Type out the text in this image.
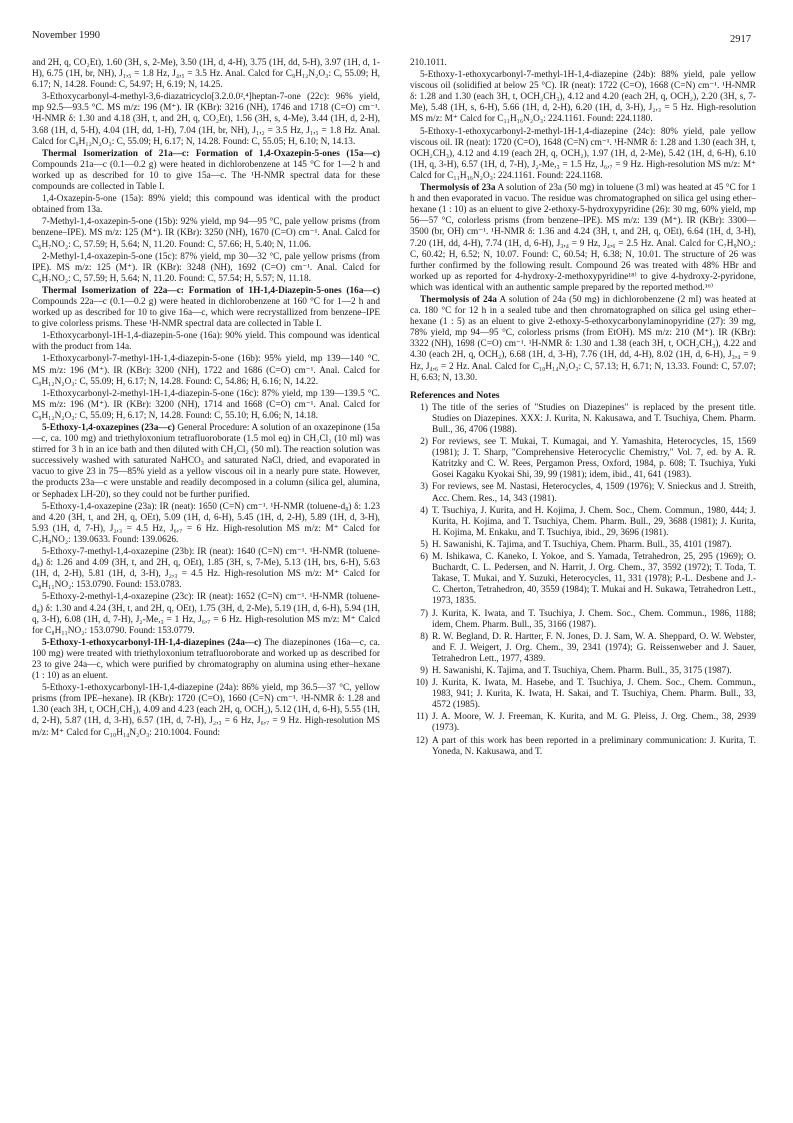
November 1990	2917

and 2H, q, CO₂Et), 1.60 (3H, s, 2-Me), 3.50 (1H, d, 4-H), 3.75 (1H, dd, 5-H), 3.97 (1H, d, 1-H), 6.75 (1H, br, NH), J₁,₅ = 1.8 Hz, J₄,₅ = 3.5 Hz. Anal. Calcd for C₉H₁₂N₂O₃: C, 55.09; H, 6.17; N, 14.28. Found: C, 54.97; H, 6.19; N, 14.25.

3-Ethoxycarbonyl-4-methyl-3,6-diazatricyclo[3.2.0.0²,⁴]heptan-7-one (22c): 96% yield, mp 92.5—93.5 °C. MS m/z: 196 (M⁺). IR (KBr): 3216 (NH), 1746 and 1718 (C=O) cm⁻¹. ¹H-NMR δ: 1.30 and 4.18 (3H, t, and 2H, q, CO₂Et), 1.56 (3H, s, 4-Me), 3.44 (1H, d, 2-H), 3.68 (1H, d, 5-H), 4.04 (1H, dd, 1-H), 7.04 (1H, br, NH), J₁,₂ = 3.5 Hz, J₁,₅ = 1.8 Hz. Anal. Calcd for C₉H₁₂N₂O₃: C, 55.09; H, 6.17; N, 14.28. Found: C, 55.05; H, 6.10; N, 14.13.

Thermal Isomerization of 21a—c: Formation of 1,4-Oxazepin-5-ones (15a—c) Compounds 21a—c (0.1—0.2 g) were heated in dichlorobenzene at 145 °C for 1—2 h and worked up as described for 10 to give 15a—c. The ¹H-NMR spectral data for these compounds are collected in Table I.

1,4-Oxazepin-5-one (15a): 89% yield; this compound was identical with the product obtained from 13a.

7-Methyl-1,4-oxazepin-5-one (15b): 92% yield, mp 94—95 °C, pale yellow prisms (from benzene–IPE). MS m/z: 125 (M⁺). IR (KBr): 3250 (NH), 1670 (C=O) cm⁻¹. Anal. Calcd for C₆H₇NO₂: C, 57.59; H, 5.64; N, 11.20. Found: C, 57.66; H, 5.40; N, 11.06.

2-Methyl-1,4-oxazepin-5-one (15c): 87% yield, mp 30—32 °C, pale yellow prisms (from IPE). MS m/z: 125 (M⁺). IR (KBr): 3248 (NH), 1692 (C=O) cm⁻¹. Anal. Calcd for C₆H₇NO₂: C, 57.59; H, 5.64; N, 11.20. Found: C, 57.54; H, 5.57; N, 11.18.

Thermal Isomerization of 22a—c: Formation of 1H-1,4-Diazepin-5-ones (16a—c) Compounds 22a—c (0.1—0.2 g) were heated in dichlorobenzene at 160 °C for 1—2 h and worked up as described for 10 to give 16a—c, which were recrystallized from benzene–IPE to give colorless prisms. These ¹H-NMR spectral data are collected in Table I.

1-Ethoxycarbonyl-1H-1,4-diazepin-5-one (16a): 90% yield. This compound was identical with the product from 14a.

1-Ethoxycarbonyl-7-methyl-1H-1,4-diazepin-5-one (16b): 95% yield, mp 139—140 °C. MS m/z: 196 (M⁺). IR (KBr): 3200 (NH), 1722 and 1686 (C=O) cm⁻¹. Anal. Calcd for C₉H₁₂N₂O₃: C, 55.09; H, 6.17; N, 14.28. Found: C, 54.86; H, 6.16; N, 14.22.

1-Ethoxycarbonyl-2-methyl-1H-1,4-diazepin-5-one (16c): 87% yield, mp 139—139.5 °C. MS m/z: 196 (M⁺). IR (KBr): 3200 (NH), 1714 and 1668 (C=O) cm⁻¹. Anal. Calcd for C₉H₁₂N₂O₃: C, 55.09; H, 6.17; N, 14.28. Found: C, 55.10; H, 6.06; N, 14.18.

5-Ethoxy-1,4-oxazepines (23a—c) General Procedure: A solution of an oxazepinone (15a—c, ca. 100 mg) and triethyloxonium tetrafluoroborate (1.5 mol eq) in CH₂Cl₂ (10 ml) was stirred for 3 h in an ice bath and then diluted with CH₂Cl₂ (50 ml). The reaction solution was successively washed with saturated NaHCO₃ and saturated NaCl, dried, and evaporated in vacuo to give 23 in 75—85% yield as a yellow viscous oil in a nearly pure state. However, the products 23a—c were unstable and readily decomposed in a column (silica gel, alumina, or Sephadex LH-20), so they could not be further purified.

5-Ethoxy-1,4-oxazepine (23a): IR (neat): 1650 (C=N) cm⁻¹. ¹H-NMR (toluene-d₈) δ: 1.23 and 4.20 (3H, t, and 2H, q, OEt), 5.09 (1H, d, 6-H), 5.45 (1H, d, 2-H), 5.89 (1H, d, 3-H), 5.93 (1H, d, 7-H), J₂,₃ = 4.5 Hz, J₆,₇ = 6 Hz. High-resolution MS m/z: M⁺ Calcd for C₇H₉NO₂: 139.0633. Found: 139.0626.

5-Ethoxy-7-methyl-1,4-oxazepine (23b): IR (neat): 1640 (C=N) cm⁻¹. ¹H-NMR (toluene-d₈) δ: 1.26 and 4.09 (3H, t, and 2H, q, OEt), 1.85 (3H, s, 7-Me), 5.13 (1H, brs, 6-H), 5.63 (1H, d, 2-H), 5.81 (1H, d, 3-H), J₂,₃ = 4.5 Hz. High-resolution MS m/z: M⁺ Calcd for C₈H₁₁NO₂: 153.0790. Found: 153.0783.

5-Ethoxy-2-methyl-1,4-oxazepine (23c): IR (neat): 1652 (C=N) cm⁻¹. ¹H-NMR (toluene-d₈) δ: 1.30 and 4.24 (3H, t, and 2H, q, OEt), 1.75 (3H, d, 2-Me), 5.19 (1H, d, 6-H), 5.94 (1H, q, 3-H), 6.08 (1H, d, 7-H), J₂-Me,₃ = 1 Hz, J₆,₇ = 6 Hz. High-resolution MS m/z: M⁺ Calcd for C₈H₁₁NO₂: 153.0790. Found: 153.0779.

5-Ethoxy-1-ethoxycarbonyl-1H-1,4-diazepines (24a—c) The diazepinones (16a—c, ca. 100 mg) were treated with triethyloxonium tetrafluoroborate and worked up as described for 23 to give 24a—c, which were purified by chromatography on alumina using ether–hexane (1 : 10) as an eluent.

5-Ethoxy-1-ethoxycarbonyl-1H-1,4-diazepine (24a): 86% yield, mp 36.5—37 °C, yellow prisms (from IPE–hexane). IR (KBr): 1720 (C=O), 1660 (C=N) cm⁻¹. ¹H-NMR δ: 1.28 and 1.30 (each 3H, t, OCH₂CH₃), 4.09 and 4.23 (each 2H, q, OCH₂), 5.12 (1H, d, 6-H), 5.55 (1H, d, 2-H), 5.87 (1H, d, 3-H), 6.57 (1H, d, 7-H), J₂,₃ = 6 Hz, J₆,₇ = 9 Hz. High-resolution MS m/z: M⁺ Calcd for C₁₀H₁₄N₂O₃: 210.1004. Found:

210.1011.

5-Ethoxy-1-ethoxycarbonyl-7-methyl-1H-1,4-diazepine (24b): 88% yield, pale yellow viscous oil (solidified at below 25 °C). IR (neat): 1722 (C=O), 1668 (C=N) cm⁻¹. ¹H-NMR δ: 1.28 and 1.30 (each 3H, t, OCH₂CH₃), 4.12 and 4.20 (each 2H, q, OCH₂), 2.20 (3H, s, 7-Me), 5.48 (1H, s, 6-H), 5.66 (1H, d, 2-H), 6.20 (1H, d, 3-H), J₂,₃ = 5 Hz. High-resolution MS m/z: M⁺ Calcd for C₁₁H₁₆N₂O₃: 224.1161. Found: 224.1180.

5-Ethoxy-1-ethoxycarbonyl-2-methyl-1H-1,4-diazepine (24c): 80% yield, pale yellow viscous oil. IR (neat): 1720 (C=O), 1648 (C=N) cm⁻¹. ¹H-NMR δ: 1.28 and 1.30 (each 3H, t, OCH₂CH₃), 4.12 and 4.19 (each 2H, q, OCH₂), 1.97 (1H, d, 2-Me), 5.42 (1H, d, 6-H), 6.10 (1H, q, 3-H), 6.57 (1H, d, 7-H), J₂-Me,₃ = 1.5 Hz, J₆,₇ = 9 Hz. High-resolution MS m/z: M⁺ Calcd for C₁₁H₁₆N₂O₃: 224.1161. Found: 224.1168.

Thermolysis of 23a A solution of 23a (50 mg) in toluene (3 ml) was heated at 45 °C for 1 h and then evaporated in vacuo. The residue was chromatographed on silica gel using ether–hexane (1 : 10) as an eluent to give 2-ethoxy-5-hydroxypyridine (26): 30 mg, 60% yield, mp 56—57 °C, colorless prisms (from benzene–IPE). MS m/z: 139 (M⁺). IR (KBr): 3300—3500 (br, OH) cm⁻¹. ¹H-NMR δ: 1.36 and 4.24 (3H, t, and 2H, q, OEt), 6.64 (1H, d, 3-H), 7.20 (1H, dd, 4-H), 7.74 (1H, d, 6-H), J₃,₄ = 9 Hz, J₄,₆ = 2.5 Hz. Anal. Calcd for C₇H₉NO₂: C, 60.42; H, 6.52; N, 10.07. Found: C, 60.54; H, 6.38; N, 10.01. The structure of 26 was further confirmed by the following result. Compound 26 was treated with 48% HBr and worked up as reported for 4-hydroxy-2-methoxypyridine¹⁸⁾ to give 4-hydroxy-2-pyridone, which was identical with an authentic sample prepared by the reported method.¹⁶⁾

Thermolysis of 24a A solution of 24a (50 mg) in dichlorobenzene (2 ml) was heated at ca. 180 °C for 12 h in a sealed tube and then chromatographed on silica gel using ether–hexane (1 : 5) as an eluent to give 2-ethoxy-5-ethoxycarbonylaminopyridine (27): 39 mg, 78% yield, mp 94—95 °C, colorless prisms (from EtOH). MS m/z: 210 (M⁺). IR (KBr): 3322 (NH), 1698 (C=O) cm⁻¹. ¹H-NMR δ: 1.30 and 1.38 (each 3H, t, OCH₂CH₃), 4.22 and 4.30 (each 2H, q, OCH₂), 6.68 (1H, d, 3-H), 7.76 (1H, dd, 4-H), 8.02 (1H, d, 6-H), J₃,₄ = 9 Hz, J₄,₆ = 2 Hz. Anal. Calcd for C₁₀H₁₄N₂O₃: C, 57.13; H, 6.71; N, 13.33. Found: C, 57.07; H, 6.63; N, 13.30.

References and Notes
1) The title of the series of "Studies on Diazepines" is replaced by the present title. Studies on Diazepines. XXX: J. Kurita, N. Kakusawa, and T. Tsuchiya, Chem. Pharm. Bull., 36, 4706 (1988).
2) For reviews, see T. Mukai, T. Kumagai, and Y. Yamashita, Heterocycles, 15, 1569 (1981); J. T. Sharp, "Comprehensive Heterocyclic Chemistry," Vol. 7, ed. by A. R. Katritzky and C. W. Rees, Pergamon Press, Oxford, 1984, p. 608; T. Tsuchiya, Yuki Gosei Kagaku Kyokai Shi, 39, 99 (1981); idem, ibid., 41, 641 (1983).
3) For reviews, see M. Nastasi, Heterocycles, 4, 1509 (1976); V. Snieckus and J. Streith, Acc. Chem. Res., 14, 343 (1981).
4) T. Tsuchiya, J. Kurita, and H. Kojima, J. Chem. Soc., Chem. Commun., 1980, 444; J. Kurita, H. Kojima, and T. Tsuchiya, Chem. Pharm. Bull., 29, 3688 (1981); J. Kurita, H. Kojima, M. Enkaku, and T. Tsuchiya, ibid., 29, 3696 (1981).
5) H. Sawanishi, K. Tajima, and T. Tsuchiya, Chem. Pharm. Bull., 35, 4101 (1987).
6) M. Ishikawa, C. Kaneko, I. Yokoe, and S. Yamada, Tetrahedron, 25, 295 (1969); O. Buchardt, C. L. Pedersen, and N. Harrit, J. Org. Chem., 37, 3592 (1972); T. Toda, T. Takase, T. Mukai, and Y. Suzuki, Heterocycles, 11, 331 (1978); P.-L. Desbene and J.-C. Cherton, Tetrahedron, 40, 3559 (1984); T. Mukai and H. Sukawa, Tetrahedron Lett., 1973, 1835.
7) J. Kurita, K. Iwata, and T. Tsuchiya, J. Chem. Soc., Chem. Commun., 1986, 1188; idem, Chem. Pharm. Bull., 35, 3166 (1987).
8) R. W. Begland, D. R. Hartter, F. N. Jones, D. J. Sam, W. A. Sheppard, O. W. Webster, and F. J. Weigert, J. Org. Chem., 39, 2341 (1974); G. Reissenweber and J. Sauer, Tetrahedron Lett., 1977, 4389.
9) H. Sawanishi, K. Tajima, and T. Tsuchiya, Chem. Pharm. Bull., 35, 3175 (1987).
10) J. Kurita, K. Iwata, M. Hasebe, and T. Tsuchiya, J. Chem. Soc., Chem. Commun., 1983, 941; J. Kurita, K. Iwata, H. Sakai, and T. Tsuchiya, Chem. Pharm. Bull., 33, 4572 (1985).
11) J. A. Moore, W. J. Freeman, K. Kurita, and M. G. Pleiss, J. Org. Chem., 38, 2939 (1973).
12) A part of this work has been reported in a preliminary communication: J. Kurita, T. Yoneda, N. Kakusawa, and T.
